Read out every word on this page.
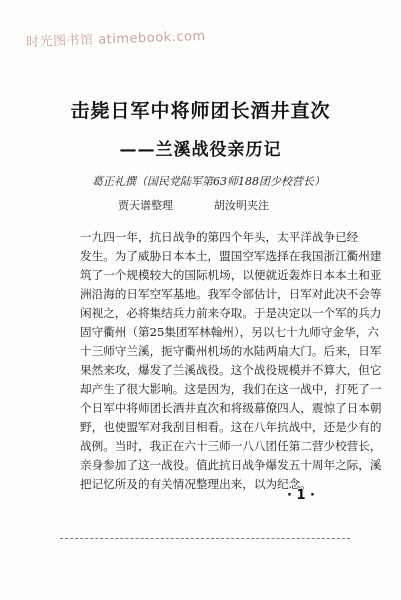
时光图书馆 atimebook.com
击毙日军中将师团长酒井直次
——兰溪战役亲历记
葛正礼撰（国民党陆军第63师188团少校营长）
贾天谱整理	胡汝明夹注
一九四一年，抗日战争的第四个年头，太平洋战争已经
发生。为了威胁日本本土，盟国空军选择在我国浙江衢州建
筑了一个规模较大的国际机场，以便就近轰炸日本本土和亚
洲沿海的日军空军基地。我军令部估计，日军对此决不会等
闲视之，必将集结兵力前来夺取。于是决定以一个军的兵力
固守衢州（第25集团军林翰州），另以七十九师守金华，六
十三师守兰溪，扼守衢州机场的水陆两扇大门。后来，日军
果然来攻，爆发了兰溪战役。这个战役规模并不算大，但它
却产生了很大影响。这是因为，我们在这一战中，打死了一
个日军中将师团长酒井直次和将级幕僚四人，震惊了日本朝
野，也使盟军对我刮目相看。这在八年抗战中，还是少有的
战例。当时，我正在六十三师一八八团任第二营少校营长，
亲身参加了这一战役。值此抗日战争爆发五十周年之际，溪
把记忆所及的有关情况整理出来，以为纪念。
· 1 ·
